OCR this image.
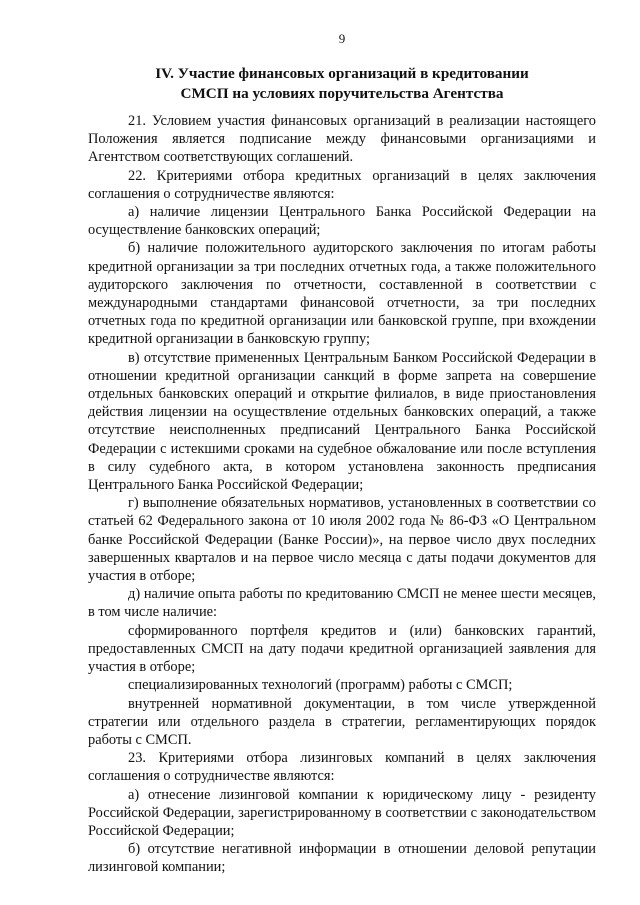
9
IV. Участие финансовых организаций в кредитовании
СМСП на условиях поручительства Агентства

21. Условием участия финансовых организаций в реализации настоящего Положения является подписание между финансовыми организациями и Агентством соответствующих соглашений.

22. Критериями отбора кредитных организаций в целях заключения соглашения о сотрудничестве являются:

а) наличие лицензии Центрального Банка Российской Федерации на осуществление банковских операций;

б) наличие положительного аудиторского заключения по итогам работы кредитной организации за три последних отчетных года, а также положительного аудиторского заключения по отчетности, составленной в соответствии с международными стандартами финансовой отчетности, за три последних отчетных года по кредитной организации или банковской группе, при вхождении кредитной организации в банковскую группу;

в) отсутствие примененных Центральным Банком Российской Федерации в отношении кредитной организации санкций в форме запрета на совершение отдельных банковских операций и открытие филиалов, в виде приостановления действия лицензии на осуществление отдельных банковских операций, а также отсутствие неисполненных предписаний Центрального Банка Российской Федерации с истекшими сроками на судебное обжалование или после вступления в силу судебного акта, в котором установлена законность предписания Центрального Банка Российской Федерации;

г) выполнение обязательных нормативов, установленных в соответствии со статьей 62 Федерального закона от 10 июля 2002 года № 86-ФЗ «О Центральном банке Российской Федерации (Банке России)», на первое число двух последних завершенных кварталов и на первое число месяца с даты подачи документов для участия в отборе;

д) наличие опыта работы по кредитованию СМСП не менее шести месяцев, в том числе наличие:

сформированного портфеля кредитов и (или) банковских гарантий, предоставленных СМСП на дату подачи кредитной организацией заявления для участия в отборе;

специализированных технологий (программ) работы с СМСП;

внутренней нормативной документации, в том числе утвержденной стратегии или отдельного раздела в стратегии, регламентирующих порядок работы с СМСП.

23. Критериями отбора лизинговых компаний в целях заключения соглашения о сотрудничестве являются:

а) отнесение лизинговой компании к юридическому лицу - резиденту Российской Федерации, зарегистрированному в соответствии с законодательством Российской Федерации;

б) отсутствие негативной информации в отношении деловой репутации лизинговой компании;
